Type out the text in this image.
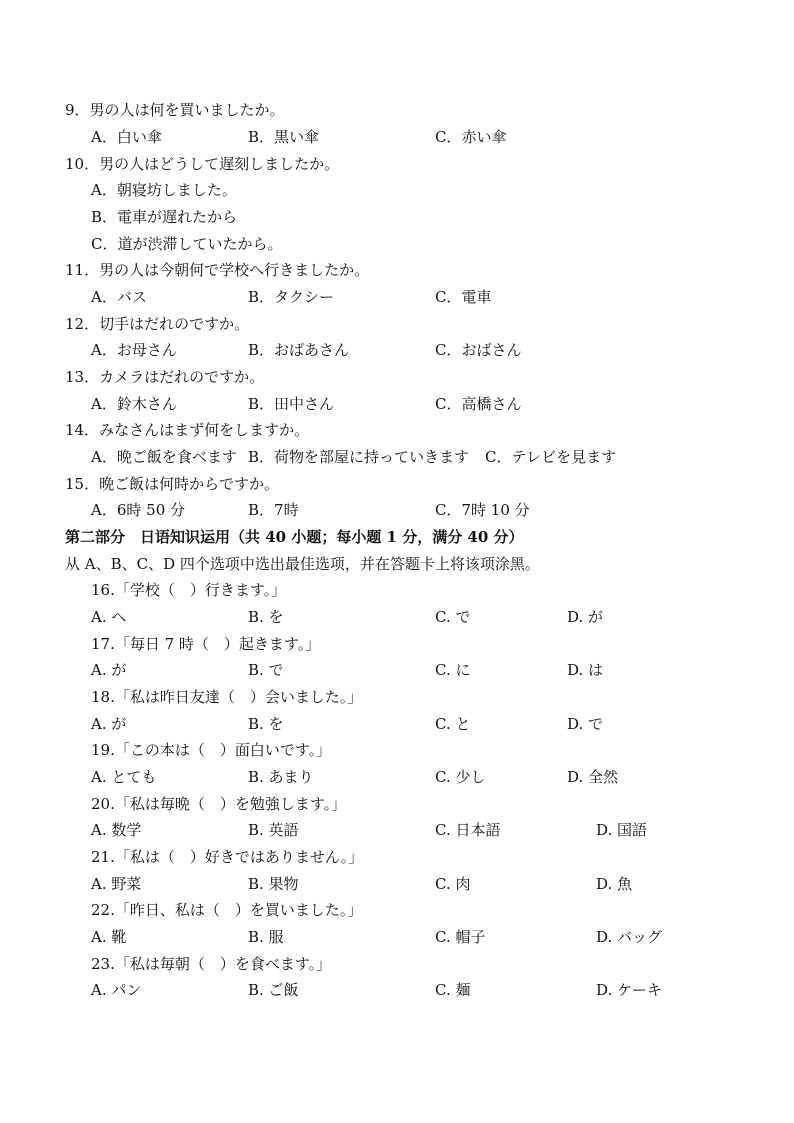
9．男の人は何を買いましたか。
A．白い傘	B．黒い傘	C．赤い傘
10．男の人はどうして遅刻しましたか。
A．朝寝坊しました。
B．電車が遅れたから
C．道が渋滞していたから。
11．男の人は今朝何で学校へ行きましたか。
A．バス	B．タクシー	C．電車
12．切手はだれのですか。
A．お母さん	B．おばあさん	C．おばさん
13．カメラはだれのですか。
A．鈴木さん	B．田中さん	C．高橋さん
14．みなさんはまず何をしますか。
A．晩ご飯を食べます B．荷物を部屋に持っていきます C．テレビを見ます
15．晩ご飯は何時からですか。
A．6時 50 分	B．7時	C．7時 10 分
第二部分　日语知识运用（共 40 小题；每小题 1 分，满分 40 分）
从 A、B、C、D 四个选项中选出最佳选项，并在答题卡上将该项涂黑。
16.「学校（　）行きます。」
A. へ	B. を	C. で	D. が
17.「毎日 7 時（　）起きます。」
A. が	B. で	C. に	D. は
18.「私は昨日友達（　）会いました。」
A. が	B. を	C. と	D. で
19.「この本は（　）面白いです。」
A. とても	B. あまり	C. 少し	D. 全然
20.「私は毎晩（　）を勉強します。」
A. 数学	B. 英語	C. 日本語	D. 国語
21.「私は（　）好きではありません。」
A. 野菜	B. 果物	C. 肉	D. 魚
22.「昨日、私は（　）を買いました。」
A. 靴	B. 服	C. 帽子	D. バッグ
23.「私は毎朝（　）を食べます。」
A. パン	B. ご飯	C. 麺	D. ケーキ
